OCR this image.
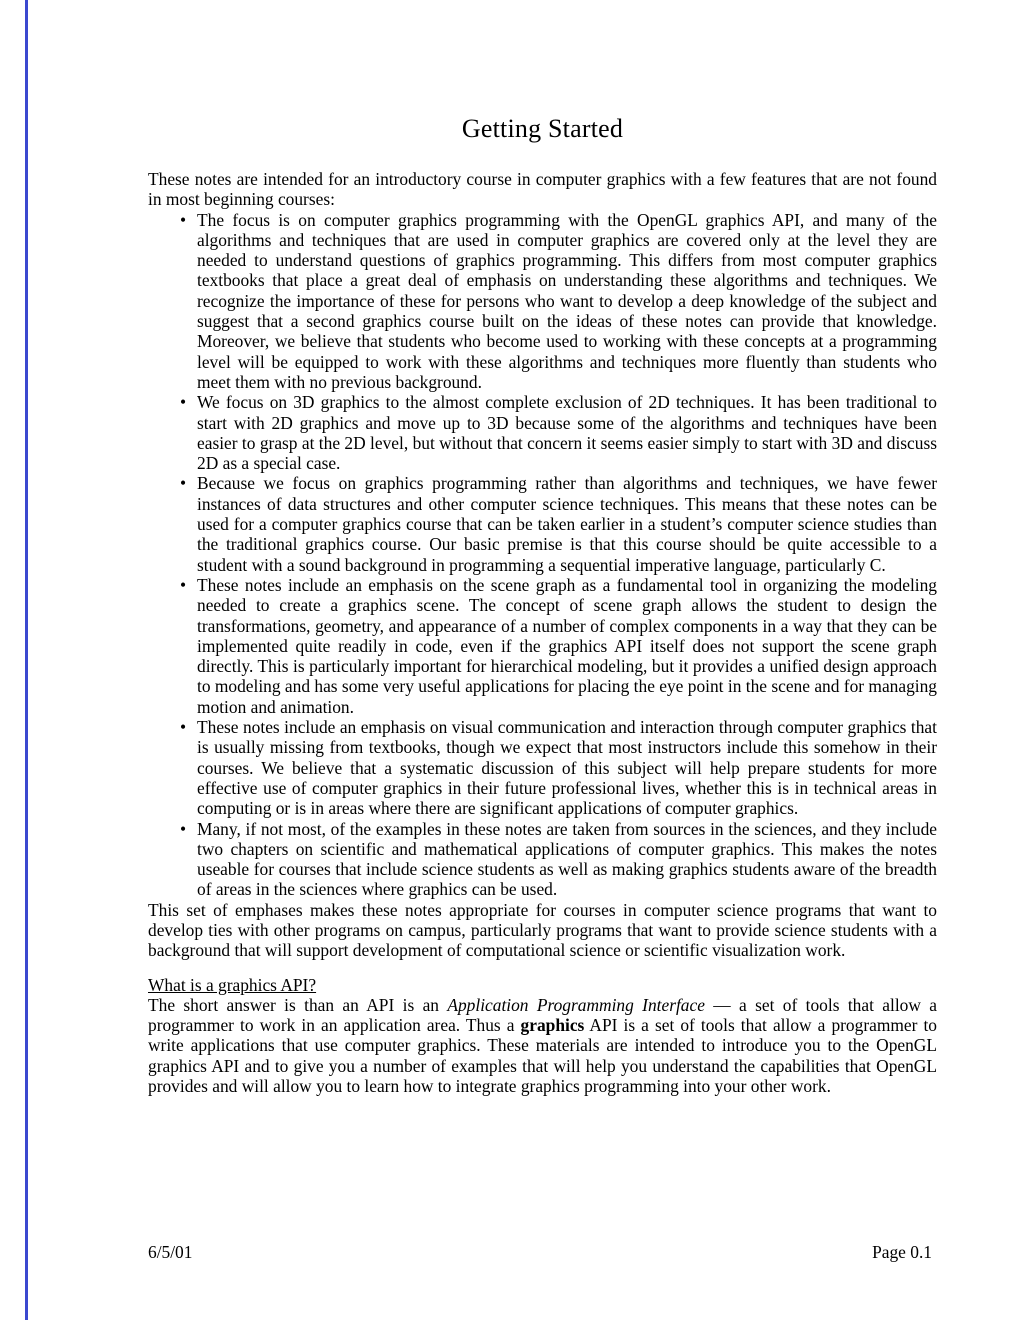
Getting Started

These notes are intended for an introductory course in computer graphics with a few features that are not found in most beginning courses:

• The focus is on computer graphics programming with the OpenGL graphics API, and many of the algorithms and techniques that are used in computer graphics are covered only at the level they are needed to understand questions of graphics programming. This differs from most computer graphics textbooks that place a great deal of emphasis on understanding these algorithms and techniques. We recognize the importance of these for persons who want to develop a deep knowledge of the subject and suggest that a second graphics course built on the ideas of these notes can provide that knowledge. Moreover, we believe that students who become used to working with these concepts at a programming level will be equipped to work with these algorithms and techniques more fluently than students who meet them with no previous background.
• We focus on 3D graphics to the almost complete exclusion of 2D techniques. It has been traditional to start with 2D graphics and move up to 3D because some of the algorithms and techniques have been easier to grasp at the 2D level, but without that concern it seems easier simply to start with 3D and discuss 2D as a special case.
• Because we focus on graphics programming rather than algorithms and techniques, we have fewer instances of data structures and other computer science techniques. This means that these notes can be used for a computer graphics course that can be taken earlier in a student’s computer science studies than the traditional graphics course. Our basic premise is that this course should be quite accessible to a student with a sound background in programming a sequential imperative language, particularly C.
• These notes include an emphasis on the scene graph as a fundamental tool in organizing the modeling needed to create a graphics scene. The concept of scene graph allows the student to design the transformations, geometry, and appearance of a number of complex components in a way that they can be implemented quite readily in code, even if the graphics API itself does not support the scene graph directly. This is particularly important for hierarchical modeling, but it provides a unified design approach to modeling and has some very useful applications for placing the eye point in the scene and for managing motion and animation.
• These notes include an emphasis on visual communication and interaction through computer graphics that is usually missing from textbooks, though we expect that most instructors include this somehow in their courses. We believe that a systematic discussion of this subject will help prepare students for more effective use of computer graphics in their future professional lives, whether this is in technical areas in computing or is in areas where there are significant applications of computer graphics.
• Many, if not most, of the examples in these notes are taken from sources in the sciences, and they include two chapters on scientific and mathematical applications of computer graphics. This makes the notes useable for courses that include science students as well as making graphics students aware of the breadth of areas in the sciences where graphics can be used.

This set of emphases makes these notes appropriate for courses in computer science programs that want to develop ties with other programs on campus, particularly programs that want to provide science students with a background that will support development of computational science or scientific visualization work.

What is a graphics API?

The short answer is than an API is an Application Programming Interface — a set of tools that allow a programmer to work in an application area. Thus a graphics API is a set of tools that allow a programmer to write applications that use computer graphics. These materials are intended to introduce you to the OpenGL graphics API and to give you a number of examples that will help you understand the capabilities that OpenGL provides and will allow you to learn how to integrate graphics programming into your other work.

6/5/01	Page 0.1
